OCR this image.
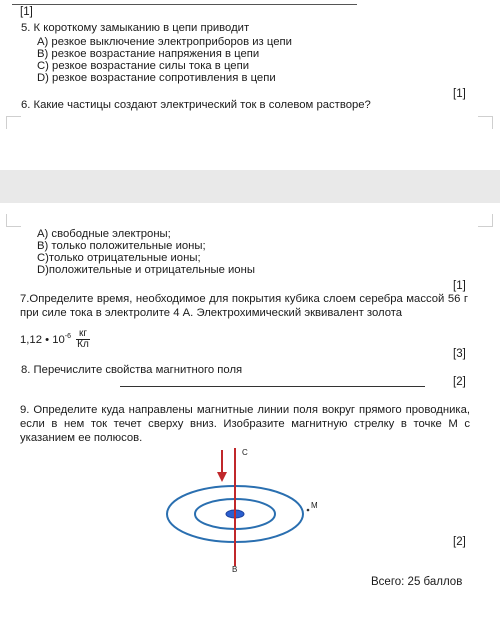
[1]
5. К короткому замыканию в цепи приводит
A) резкое выключение электроприборов из цепи
B) резкое возрастание напряжения в цепи
C) резкое возрастание силы тока в цепи
D) резкое возрастание сопротивления в цепи
[1]
6. Какие частицы создают электрический ток в солевом растворе?
А) свободные электроны;
В) только положительные ионы;
С)только отрицательные ионы;
D)положительные и отрицательные ионы
[1]
7.Определите время, необходимое для покрытия кубика слоем серебра массой 56 г при силе тока в электролите 4 А. Электрохимический эквивалент золота
1,12 • $10^{-6} \frac{кг}{Кл}$
[3]
8. Перечислите свойства магнитного поля
[2]
9. Определите куда направлены магнитные линии поля вокруг прямого проводника, если в нем ток течет сверху вниз. Изобразите магнитную стрелку в точке М с указанием ее полюсов.
С
М
В
[2]
Всего: 25 баллов
